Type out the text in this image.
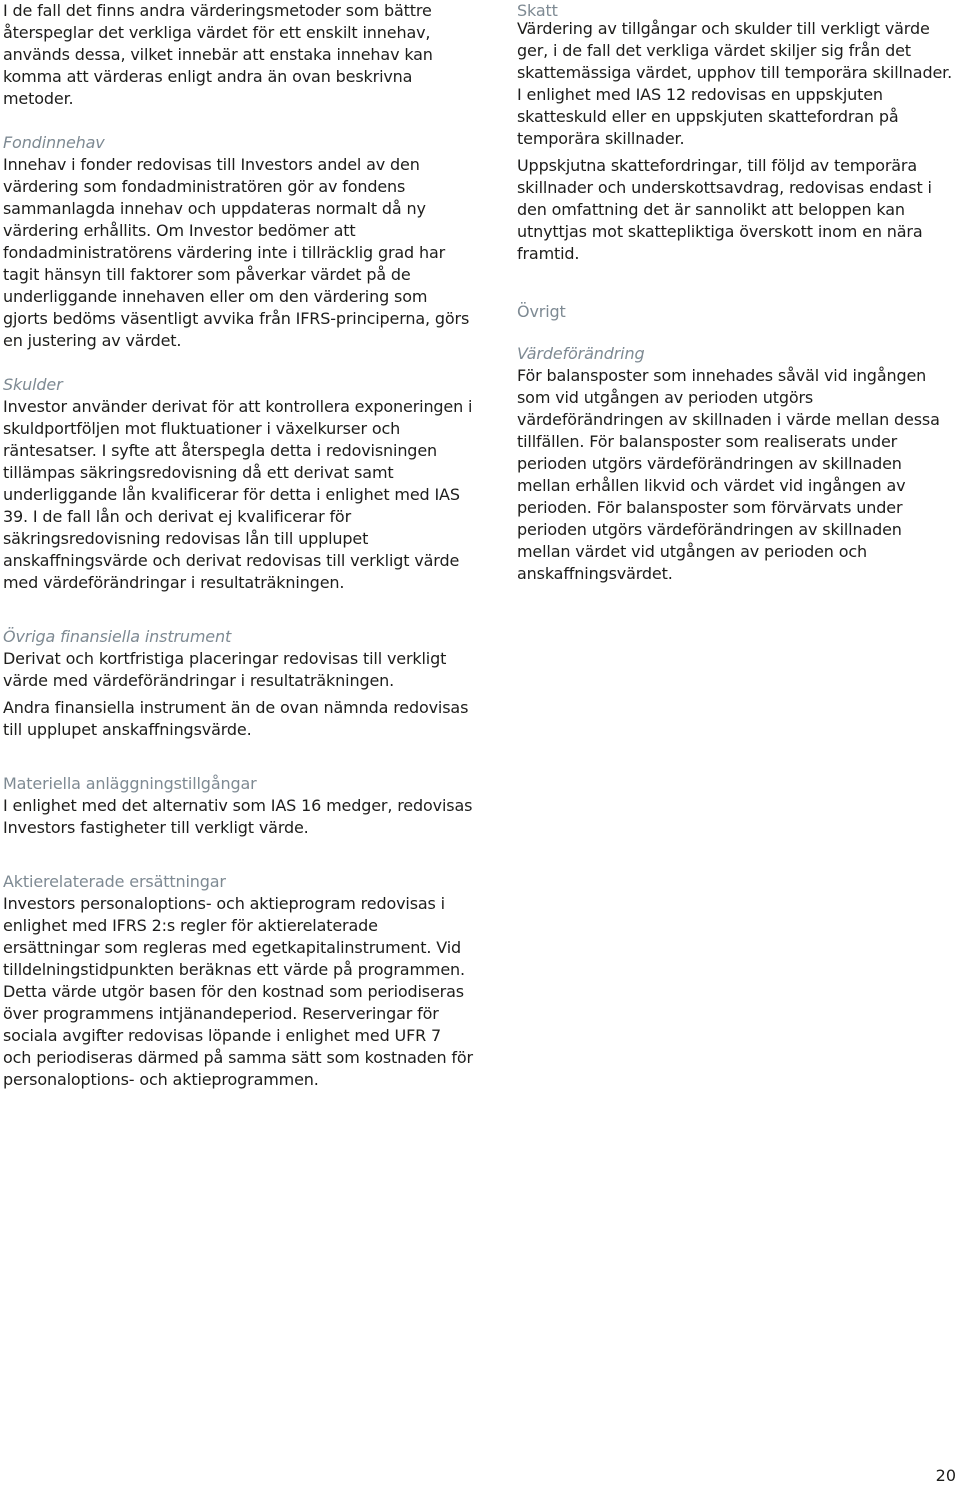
I de fall det finns andra värderingsmetoder som bättre återspeglar det verkliga värdet för ett enskilt innehav, används dessa, vilket innebär att enstaka innehav kan komma att värderas enligt andra än ovan beskrivna metoder.

Fondinnehav

Innehav i fonder redovisas till Investors andel av den värdering som fondadministratören gör av fondens sammanlagda innehav och uppdateras normalt då ny värdering erhållits. Om Investor bedömer att fondadministratörens värdering inte i tillräcklig grad har tagit hänsyn till faktorer som påverkar värdet på de underliggande innehaven eller om den värdering som gjorts bedöms väsentligt avvika från IFRS-principerna, görs en justering av värdet.

Skulder

Investor använder derivat för att kontrollera exponeringen i skuldportföljen mot fluktuationer i växelkurser och räntesatser. I syfte att återspegla detta i redovisningen tillämpas säkringsredovisning då ett derivat samt underliggande lån kvalificerar för detta i enlighet med IAS 39. I de fall lån och derivat ej kvalificerar för säkringsredovisning redovisas lån till upplupet anskaffningsvärde och derivat redovisas till verkligt värde med värdeförändringar i resultaträkningen.

Övriga finansiella instrument

Derivat och kortfristiga placeringar redovisas till verkligt värde med värdeförändringar i resultaträkningen.

Andra finansiella instrument än de ovan nämnda redovisas till upplupet anskaffningsvärde.

Materiella anläggningstillgångar

I enlighet med det alternativ som IAS 16 medger, redovisas Investors fastigheter till verkligt värde.

Aktierelaterade ersättningar

Investors personaloptions- och aktieprogram redovisas i enlighet med IFRS 2:s regler för aktierelaterade ersättningar som regleras med egetkapitalinstrument. Vid tilldelningstidpunkten beräknas ett värde på programmen. Detta värde utgör basen för den kostnad som periodiseras över programmens intjänandeperiod. Reserveringar för sociala avgifter redovisas löpande i enlighet med UFR 7 och periodiseras därmed på samma sätt som kostnaden för personaloptions- och aktieprogrammen.

Skatt

Värdering av tillgångar och skulder till verkligt värde ger, i de fall det verkliga värdet skiljer sig från det skattemässiga värdet, upphov till temporära skillnader. I enlighet med IAS 12 redovisas en uppskjuten skatteskuld eller en uppskjuten skattefordran på temporära skillnader.

Uppskjutna skattefordringar, till följd av temporära skillnader och underskottsavdrag, redovisas endast i den omfattning det är sannolikt att beloppen kan utnyttjas mot skattepliktiga överskott inom en nära framtid.

Övrigt

Värdeförändring

För balansposter som innehades såväl vid ingången som vid utgången av perioden utgörs värdeförändringen av skillnaden i värde mellan dessa tillfällen. För balansposter som realiserats under perioden utgörs värdeförändringen av skillnaden mellan erhållen likvid och värdet vid ingången av perioden. För balansposter som förvärvats under perioden utgörs värdeförändringen av skillnaden mellan värdet vid utgången av perioden och anskaffningsvärdet.

20
